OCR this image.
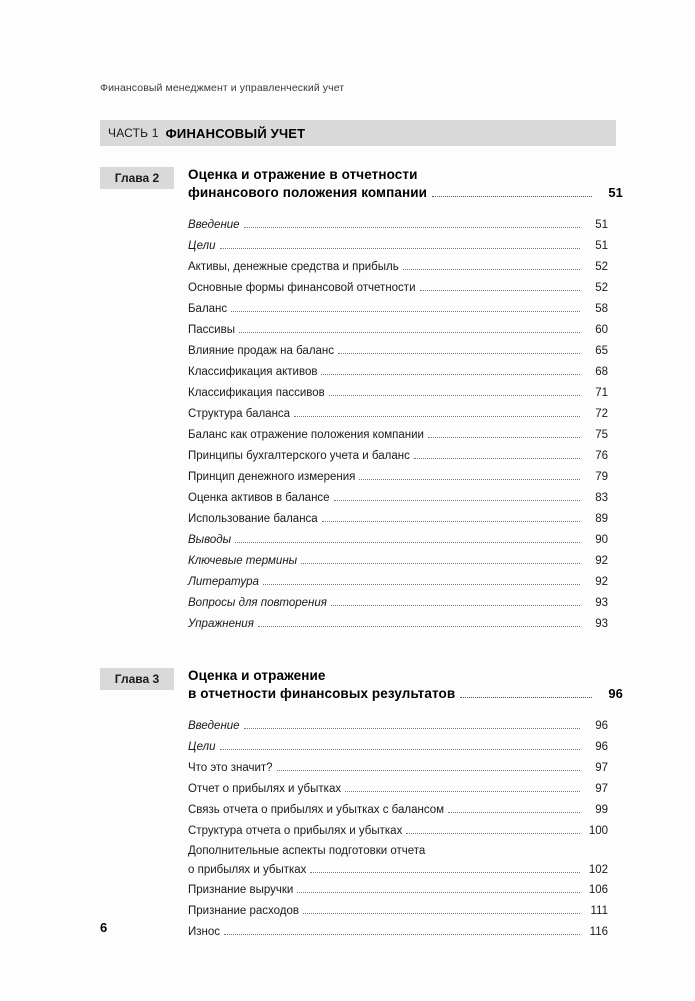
Финансовый менеджмент и управленческий учет
ЧАСТЬ 1 ФИНАНСОВЫЙ УЧЕТ
Глава 2	Оценка и отражение в отчетности
финансового положения компании	51
Введение	51
Цели	51
Активы, денежные средства и прибыль	52
Основные формы финансовой отчетности	52
Баланс	58
Пассивы	60
Влияние продаж на баланс	65
Классификация активов	68
Классификация пассивов	71
Структура баланса	72
Баланс как отражение положения компании	75
Принципы бухгалтерского учета и баланс	76
Принцип денежного измерения	79
Оценка активов в балансе	83
Использование баланса	89
Выводы	90
Ключевые термины	92
Литература	92
Вопросы для повторения	93
Упражнения	93
Глава 3	Оценка и отражение
в отчетности финансовых результатов	96
Введение	96
Цели	96
Что это значит?	97
Отчет о прибылях и убытках	97
Связь отчета о прибылях и убытках с балансом	99
Структура отчета о прибылях и убытках	100
Дополнительные аспекты подготовки отчета
о прибылях и убытках	102
Признание выручки	106
Признание расходов	111
Износ	116
6
